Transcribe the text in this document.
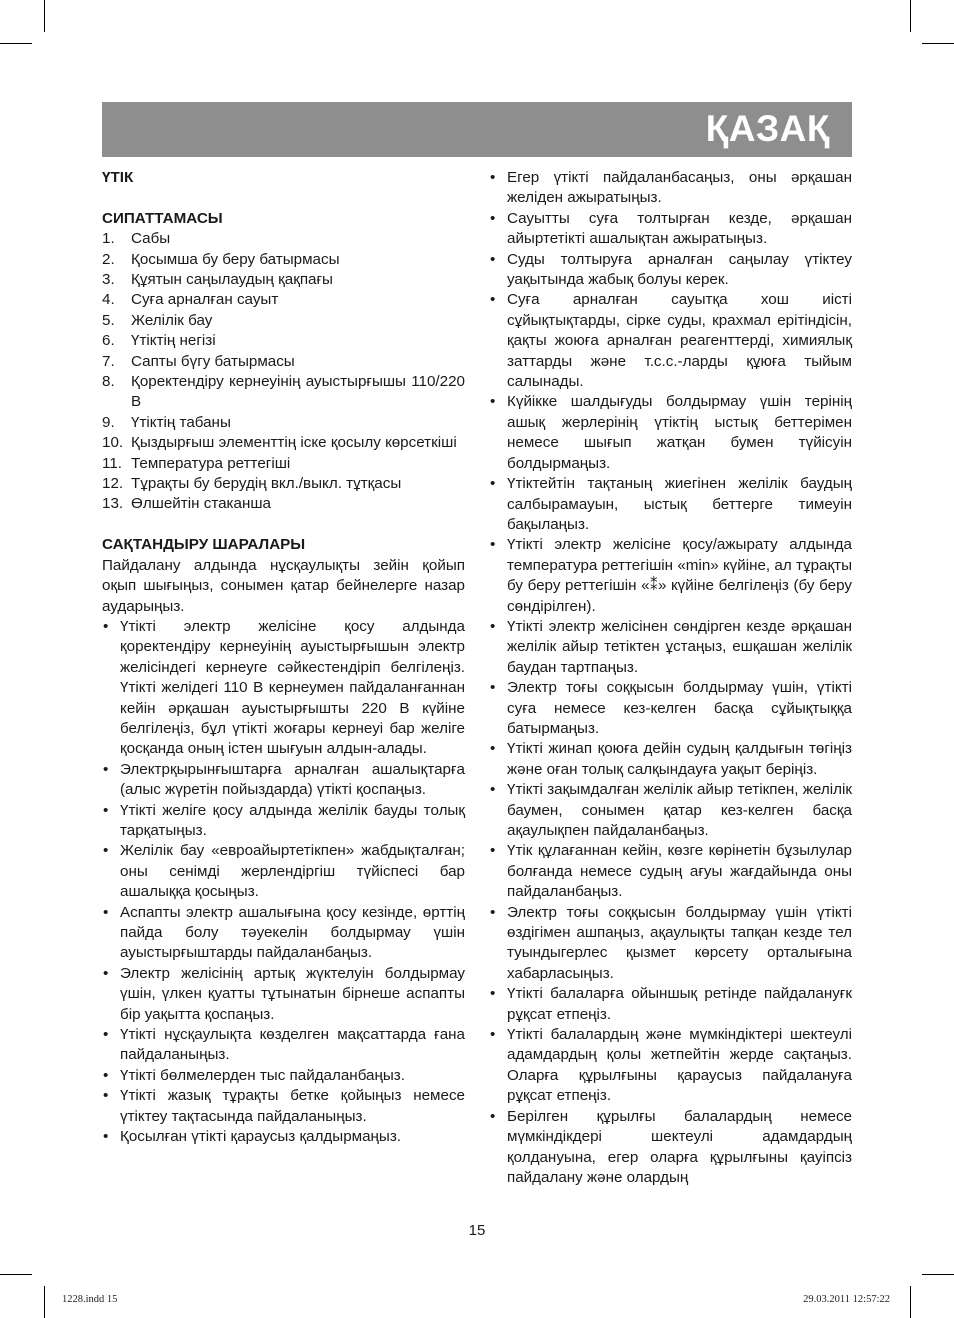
ҚАЗАҚ

ҮТІК

СИПАТТАМАСЫ

1. Сабы
2. Қосымша бу беру батырмасы
3. Құятын саңылаудың қақпағы
4. Суға арналған сауыт
5. Желілік бау
6. Үтіктің негізі
7. Сапты бүгу батырмасы
8. Қоректендіру кернеуінің ауыстырғышы 110/220 В
9. Үтіктің табаны
10. Қыздырғыш элементтің іске қосылу көрсеткіші
11. Температура реттегіші
12. Тұрақты бу берудің вкл./выкл. тұтқасы
13. Өлшейтін стаканша

САҚТАНДЫРУ ШАРАЛАРЫ

Пайдалану алдында нұсқаулықты зейін қойып оқып шығыңыз, сонымен қатар бейнелерге назар аударыңыз.

• Үтікті электр желісіне қосу алдында қоректендіру кернеуінің ауыстырғышын электр желісіндегі кернеуге сәйкестендіріп белгілеңіз. Үтікті желідегі 110 В кернеумен пайдаланғаннан кейін әрқашан ауыстырғышты 220 В күйіне белгілеңіз, бұл үтікті жоғары кернеуі бар желіге қосқанда оның істен шығуын алдын-алады.
• Электрқырынғыштарға арналған ашалықтарға (алыс жүретін пойыздарда) үтікті қоспаңыз.
• Үтікті желіге қосу алдында желілік бауды толық тарқатыңыз.
• Желілік бау «евроайыртетікпен» жабдықталған; оны сенімді жерлендіргіш түйіспесі бар ашалыққа қосыңыз.
• Аспапты электр ашалығына қосу кезінде, өрттің пайда болу тәуекелін болдырмау үшін ауыстырғыштарды пайдаланбаңыз.
• Электр желісінің артық жүктелуін болдырмау үшін, үлкен қуатты тұтынатын бірнеше аспапты бір уақытта қоспаңыз.
• Үтікті нұсқаулықта көзделген мақсаттарда ғана пайдаланыңыз.
• Үтікті бөлмелерден тыс пайдаланбаңыз.
• Үтікті жазық тұрақты бетке қойыңыз немесе үтіктеу тақтасында пайдаланыңыз.
• Қосылған үтікті қараусыз қалдырмаңыз.
• Егер үтікті пайдаланбасаңыз, оны әрқашан желіден ажыратыңыз.
• Сауытты суға толтырған кезде, әрқашан айыртетікті ашалықтан ажыратыңыз.
• Суды толтыруға арналған саңылау үтіктеу уақытында жабық болуы керек.
• Суға арналған сауытқа хош иісті сұйықтықтарды, сірке суды, крахмал ерітіндісін, қақты жоюға арналған реагенттерді, химиялық заттарды және т.с.с.-ларды құюға тыйым салынады.
• Күйікке шалдығуды болдырмау үшін терінің ашық жерлерінің үтіктің ыстық беттерімен немесе шығып жатқан бумен түйісуін болдырмаңыз.
• Үтіктейтін тақтаның жиегінен желілік баудың салбырамауын, ыстық беттерге тимеуін бақылаңыз.
• Үтікті электр желісіне қосу/ажырату алдында температура реттегішін «min» күйіне, ал тұрақты бу беру реттегішін «⁑» күйіне белгілеңіз (бу беру сөндірілген).
• Үтікті электр желісінен сөндірген кезде әрқашан желілік айыр тетіктен ұстаңыз, ешқашан желілік баудан тартпаңыз.
• Электр тоғы соққысын болдырмау үшін, үтікті суға немесе кез-келген басқа сұйықтыққа батырмаңыз.
• Үтікті жинап қоюға дейін судың қалдығын төгіңіз және оған толық салқындауға уақыт беріңіз.
• Үтікті зақымдалған желілік айыр тетікпен, желілік баумен, сонымен қатар кез-келген басқа ақаулықпен пайдаланбаңыз.
• Үтік құлағаннан кейін, көзге көрінетін бұзылулар болғанда немесе судың ағуы жағдайында оны пайдаланбаңыз.
• Электр тоғы соққысын болдырмау үшін үтікті өздігімен ашпаңыз, ақаулықты тапқан кезде тел туындыгерлес қызмет көрсету орталығына хабарласыңыз.
• Үтікті балаларға ойыншық ретінде пайдалануғк рұқсат етпеңіз.
• Үтікті балалардың және мүмкіндіктері шектеулі адамдардың қолы жетпейтін жерде сақтаңыз. Оларға құрылғыны қараусыз пайдалануға рұқсат етпеңіз.
• Берілген құрылғы балалардың немесе мүмкіндікдері шектеулі адамдардың қолдануына, егер оларға құрылғыны қауіпсіз пайдалану және олардың
15
1228.indd 15	29.03.2011 12:57:22
